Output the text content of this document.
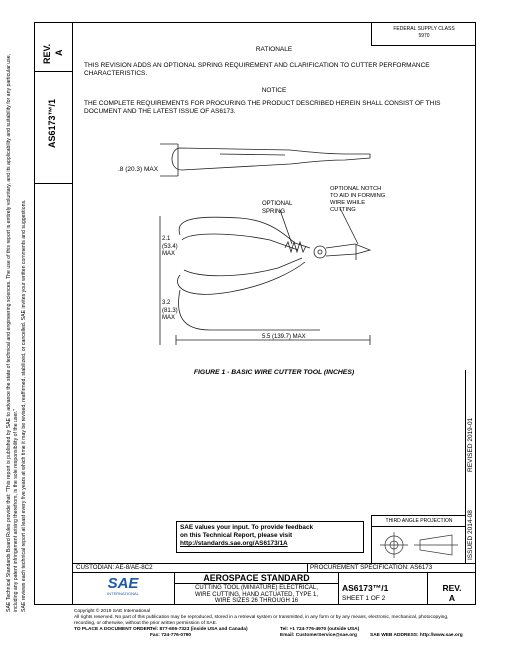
SAE Technical Standards Board Rules provide that: "This report is published by SAE to advance the state of technical and engineering sciences. The use of this report is entirely voluntary, and its applicability and suitability for any particular use, including any patent infringement arising therefrom, is the sole responsibility of the user." SAE reviews each technical report at least every five years at which time it may be revised, reaffirmed, stabilized, or cancelled. SAE invites your written comments and suggestions.
REV. A
AS6173™/1
FEDERAL SUPPLY CLASS
5970
RATIONALE
THIS REVISION ADDS AN OPTIONAL SPRING REQUIREMENT AND CLARIFICATION TO CUTTER PERFORMANCE CHARACTERISTICS.
NOTICE
THE COMPLETE REQUIREMENTS FOR PROCURING THE PRODUCT DESCRIBED HEREIN SHALL CONSIST OF THIS DOCUMENT AND THE LATEST ISSUE OF AS6173.
.8 (20.3) MAX
OPTIONAL
SPRING
OPTIONAL NOTCH
TO AID IN FORMING
WIRE WHILE
CUTTING
2.1
(53.4)
MAX
3.2
(81.3)
MAX
5.5 (139.7) MAX
FIGURE 1 - BASIC WIRE CUTTER TOOL (INCHES)
ISSUED 2014-08
REVISED 2019-01
SAE values your input. To provide feedback
on this Technical Report, please visit
http://standards.sae.org/AS6173/1A
THIRD ANGLE PROJECTION
CUSTODIAN: AE-8/AE-8C2	PROCUREMENT SPECIFICATION: AS6173
SAE
INTERNATIONAL
AEROSPACE STANDARD
CUTTING TOOL (MINIATURE) ELECTRICAL,
WIRE CUTTING, HAND ACTUATED, TYPE 1,
WIRE SIZES 26 THROUGH 16
AS6173™/1
SHEET 1 OF 2
REV.
A
Copyright © 2019 SAE International
All rights reserved. No part of this publication may be reproduced, stored in a retrieval system or transmitted, in any form or by any means, electronic, mechanical, photocopying,
recording, or otherwise, without the prior written permission of SAE.
TO PLACE A DOCUMENT ORDER:
Tel: 877-606-7323 (inside USA and Canada)
Fax: 724-776-0790
Tel: +1 724-776-4970 (outside USA)
Email: CustomerService@sae.org	SAE WEB ADDRESS: http://www.sae.org
